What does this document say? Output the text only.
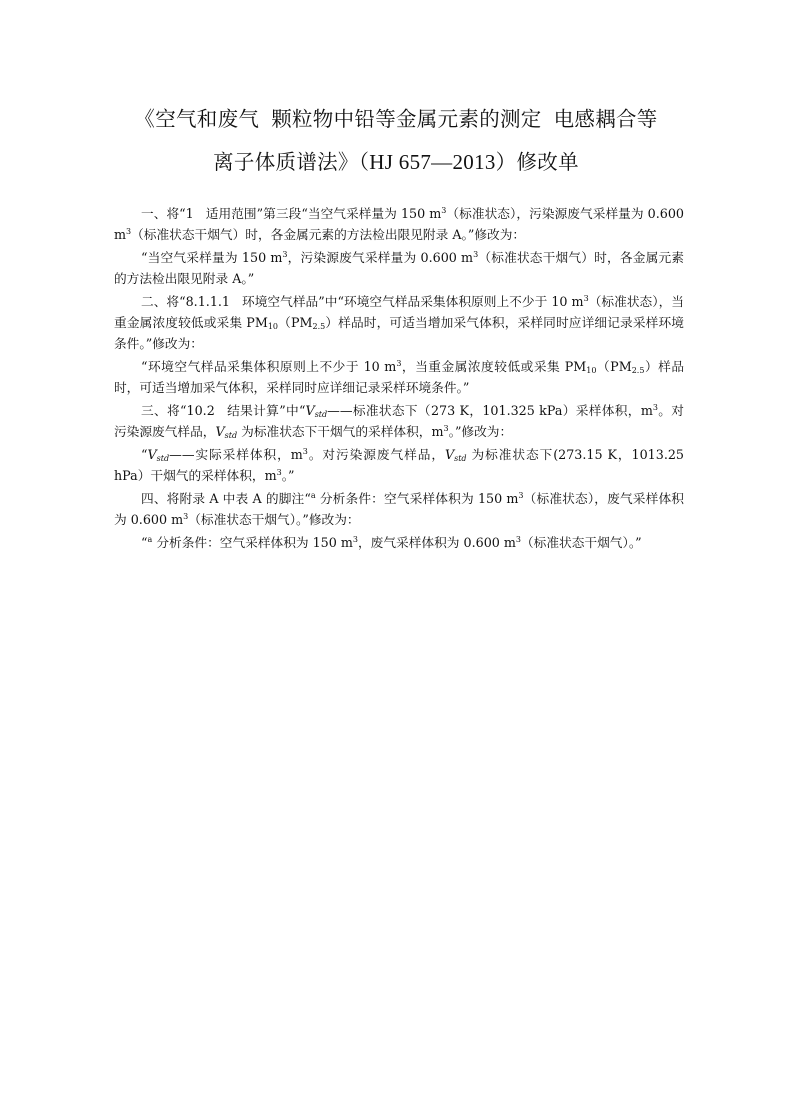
《空气和废气 颗粒物中铅等金属元素的测定 电感耦合等
离子体质谱法》（HJ 657—2013）修改单

一、将“1 适用范围”第三段“当空气采样量为 150 $m^3$（标准状态），污染源废气采样量为 0.600 $m^3$（标准状态干烟气）时，各金属元素的方法检出限见附录 A。”修改为：

“当空气采样量为 150 $m^3$，污染源废气采样量为 0.600 $m^3$（标准状态干烟气）时，各金属元素的方法检出限见附录 A。”

二、将“8.1.1.1 环境空气样品”中“环境空气样品采集体积原则上不少于 10 $m^3$（标准状态），当重金属浓度较低或采集 $PM_{10}(PM_{2.5})$样品时，可适当增加采气体积，采样同时应详细记录采样环境条件。”修改为：

“环境空气样品采集体积原则上不少于 10 $m^3$，当重金属浓度较低或采集 $PM_{10}(PM_{2.5})$样品时，可适当增加采气体积，采样同时应详细记录采样环境条件。”

三、将“10.2 结果计算”中“$V_{std}——$标准状态下（273 K，101.325 kPa）采样体积，$m^3$。对污染源废气样品，$V_{std}$ 为标准状态下干烟气的采样体积，$m^3$。”修改为：

“$V_{std}——$实际采样体积，$m^3$。对污染源废气样品，$V_{std}$ 为标准状态下(273.15 K，1013.25 hPa）干烟气的采样体积，$m^3$。”

四、将附录 A 中表 A 的脚注“$^a$ 分析条件：空气采样体积为 150 $m^3$（标准状态），废气采样体积为 0.600 $m^3$（标准状态干烟气）。”修改为：

“$^a$ 分析条件：空气采样体积为 150 $m^3$，废气采样体积为 0.600 $m^3$（标准状态干烟气）。”
